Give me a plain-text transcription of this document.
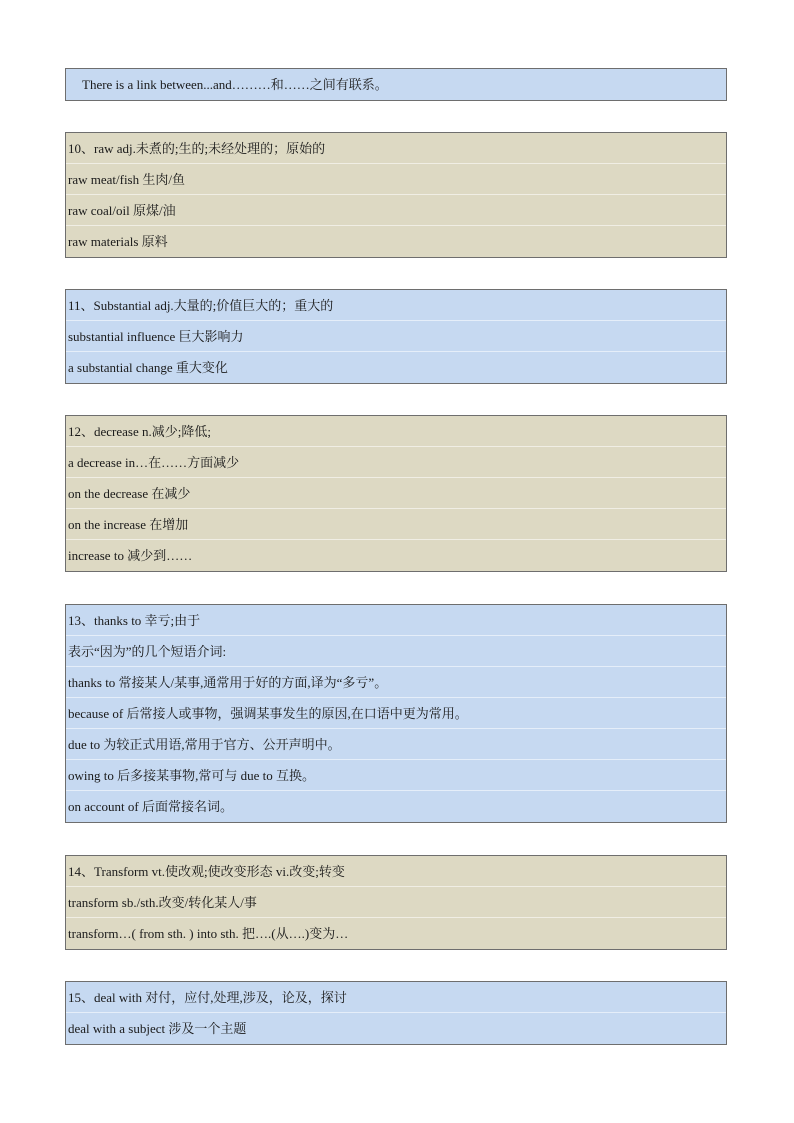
There is a link between...and………和……之间有联系。
10、raw adj.未煮的;生的;未经处理的；原始的
raw meat/fish 生肉/鱼
raw coal/oil 原煤/油
raw materials 原料
11、Substantial adj.大量的;价值巨大的；重大的
substantial influence 巨大影响力
a substantial change 重大变化
12、decrease n.减少;降低;
a decrease in…在……方面减少
on the decrease 在减少
on the increase 在增加
increase to 减少到……
13、thanks to 幸亏;由于
表示“因为”的几个短语介词:
thanks to 常接某人/某事,通常用于好的方面,译为“多亏”。
because of 后常接人或事物，强调某事发生的原因,在口语中更为常用。
due to 为较正式用语,常用于官方、公开声明中。
owing to 后多接某事物,常可与 due to 互换。
on account of 后面常接名词。
14、Transform vt.使改观;使改变形态 vi.改变;转变
transform sb./sth.改变/转化某人/事
transform…( from sth. ) into sth. 把….(从….)变为…
15、deal with 对付，应付,处理,涉及，论及，探讨
deal with a subject 涉及一个主题
